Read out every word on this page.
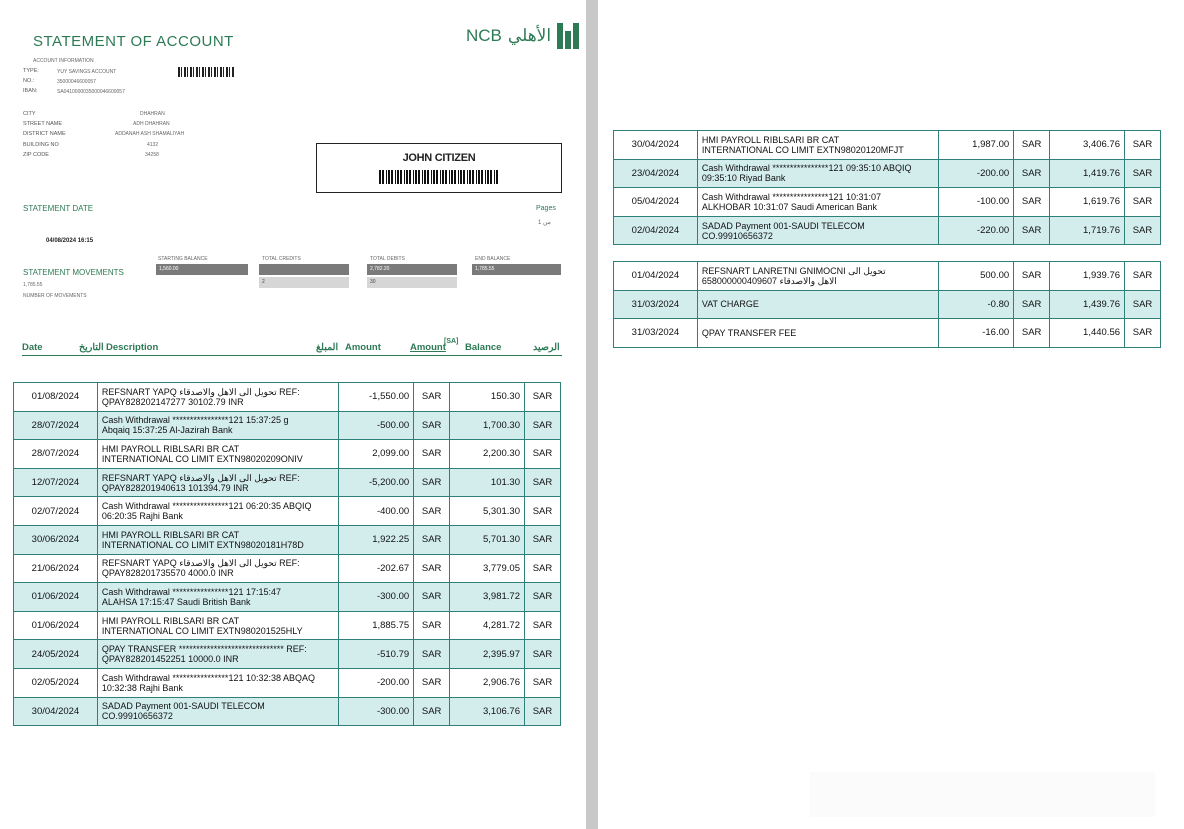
STATEMENT OF ACCOUNT	NCB الأهلي
ACCOUNT INFORMATION
TYPE:	YUY SAVINGS ACCOUNT
NO.:	35000046600057
IBAN:	SA0410000035000046600057
CITY	DHAHRAN
STREET NAME	ADH DHAHRAN
DISTRICT NAME	ADDANAH ASH SHAMALIYAH
BUILDING NO	4132
ZIP CODE	34258	JOHN CITIZEN
STATEMENT DATE
04/08/2024 16:15
Pages
1 من
STATEMENT MOVEMENTS
1,785.55
NUMBER OF MOVEMENTS
STARTING BALANCE
1,560.00
TOTAL CREDITS
2
TOTAL DEBITS
2,782.20
30
END BALANCE
1,785.55
Date	التاريخ Description	المبلغ Amount	Amount
[SA]
Balance	الرصيد
01/08/2024	REFSNART YAPQ تحويل الى الاهل والاصدقاء REF:
QPAY828202147277 30102.79 INR	-1,550.00	SAR	150.30	SAR
28/07/2024	Cash Withdrawal ****************121 15:37:25 g
Abqaiq 15:37:25 Al-Jazirah Bank	-500.00	SAR	1,700.30	SAR
28/07/2024	HMI PAYROLL RIBLSARI BR CAT
INTERNATIONAL CO LIMIT EXTN98020209ONIV	2,099.00	SAR	2,200.30	SAR
12/07/2024	REFSNART YAPQ تحويل الى الاهل والاصدقاء REF:
QPAY828201940613 101394.79 INR	-5,200.00	SAR	101.30	SAR
02/07/2024	Cash Withdrawal ****************121 06:20:35 ABQIQ
06:20:35 Rajhi Bank	-400.00	SAR	5,301.30	SAR
30/06/2024	HMI PAYROLL RIBLSARI BR CAT
INTERNATIONAL CO LIMIT EXTN98020181H78D	1,922.25	SAR	5,701.30	SAR
21/06/2024	REFSNART YAPQ تحويل الى الاهل والاصدقاء REF:
QPAY828201735570 4000.0 INR	-202.67	SAR	3,779.05	SAR
01/06/2024	Cash Withdrawal ****************121 17:15:47
ALAHSA 17:15:47 Saudi British Bank	-300.00	SAR	3,981.72	SAR
01/06/2024	HMI PAYROLL RIBLSARI BR CAT
INTERNATIONAL CO LIMIT EXTN980201525HLY	1,885.75	SAR	4,281.72	SAR
24/05/2024	QPAY TRANSFER ****************************** REF:
QPAY828201452251 10000.0 INR	-510.79	SAR	2,395.97	SAR
02/05/2024	Cash Withdrawal ****************121 10:32:38 ABQAQ
10:32:38 Rajhi Bank	-200.00	SAR	2,906.76	SAR
30/04/2024	SADAD Payment 001-SAUDI TELECOM
CO.99910656372	-300.00	SAR	3,106.76	SAR
30/04/2024	HMI PAYROLL RIBLSARI BR CAT
INTERNATIONAL CO LIMIT EXTN98020120MFJT	1,987.00	SAR	3,406.76	SAR
23/04/2024	Cash Withdrawal ****************121 09:35:10 ABQIQ
09:35:10 Riyad Bank	-200.00	SAR	1,419.76	SAR
05/04/2024	Cash Withdrawal ****************121 10:31:07
ALKHOBAR 10:31:07 Saudi American Bank	-100.00	SAR	1,619.76	SAR
02/04/2024	SADAD Payment 001-SAUDI TELECOM
CO.99910656372	-220.00	SAR	1,719.76	SAR
01/04/2024	REFSNART LANRETNI GNIMOCNI تحويل الى
الاهل والاصدقاء 658000000409607	500.00	SAR	1,939.76	SAR
31/03/2024	VAT CHARGE	-0.80	SAR	1,439.76	SAR
31/03/2024	QPAY TRANSFER FEE	-16.00	SAR	1,440.56	SAR
